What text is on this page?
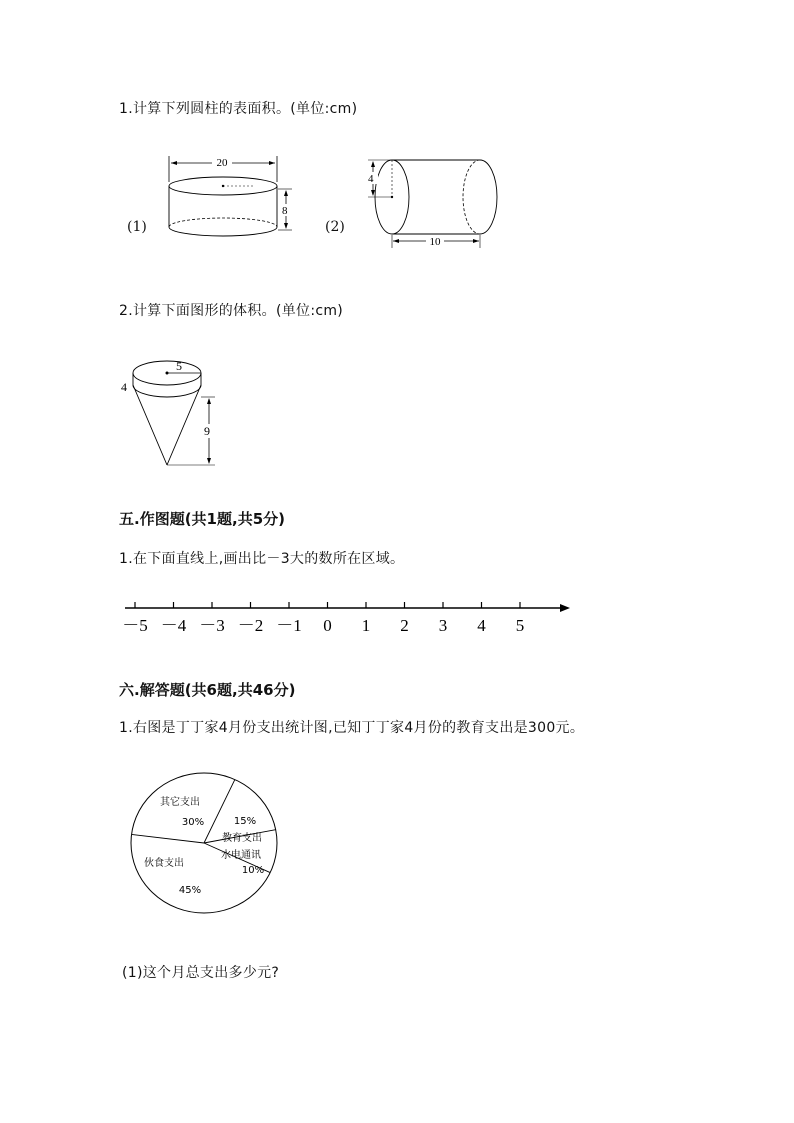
1.计算下列圆柱的表面积。(单位:cm)
(1)
20
8
(2)
4
10
2.计算下面图形的体积。(单位:cm)
5
4
9
五.作图题(共1题,共5分)
1.在下面直线上,画出比－3大的数所在区域。
－5 －4 －3 －2 －1 0 1 2 3 4 5
六.解答题(共6题,共46分)
1.右图是丁丁家4月份支出统计图,已知丁丁家4月份的教育支出是300元。
其它支出
30%
教育支出
15%
水电通讯
10%
伙食支出
45%
(1)这个月总支出多少元?
